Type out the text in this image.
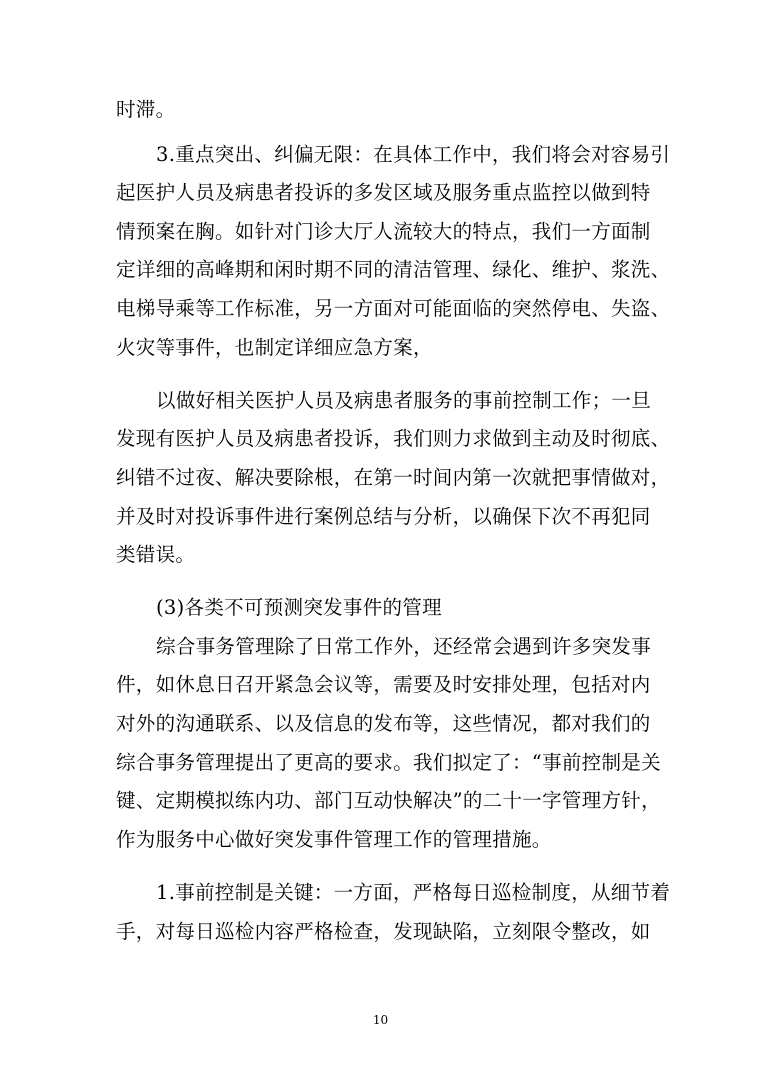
时滞。
3.重点突出、纠偏无限：在具体工作中，我们将会对容易引
起医护人员及病患者投诉的多发区域及服务重点监控以做到特
情预案在胸。如针对门诊大厅人流较大的特点，我们一方面制
定详细的高峰期和闲时期不同的清洁管理、绿化、维护、浆洗、
电梯导乘等工作标准，另一方面对可能面临的突然停电、失盗、
火灾等事件，也制定详细应急方案，
以做好相关医护人员及病患者服务的事前控制工作；一旦
发现有医护人员及病患者投诉，我们则力求做到主动及时彻底、
纠错不过夜、解决要除根，在第一时间内第一次就把事情做对，
并及时对投诉事件进行案例总结与分析，以确保下次不再犯同
类错误。
(3)各类不可预测突发事件的管理
综合事务管理除了日常工作外，还经常会遇到许多突发事
件，如休息日召开紧急会议等，需要及时安排处理，包括对内
对外的沟通联系、以及信息的发布等，这些情况，都对我们的
综合事务管理提出了更高的要求。我们拟定了：“事前控制是关
键、定期模拟练内功、部门互动快解决”的二十一字管理方针，
作为服务中心做好突发事件管理工作的管理措施。
1.事前控制是关键：一方面，严格每日巡检制度，从细节着
手，对每日巡检内容严格检查，发现缺陷，立刻限令整改，如
10
